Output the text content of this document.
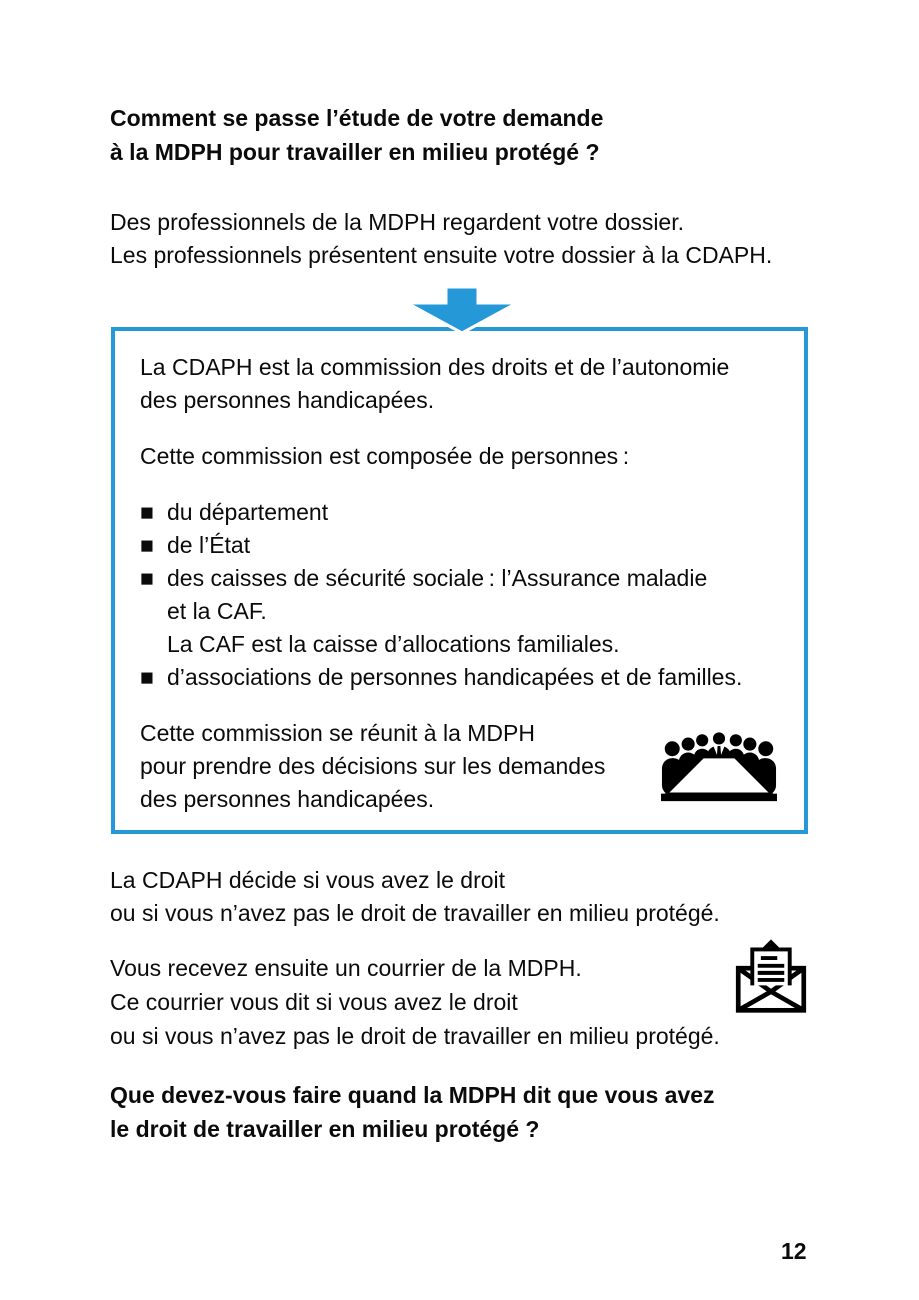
Comment se passe l’étude de votre demande
à la MDPH pour travailler en milieu protégé ?
Des professionnels de la MDPH regardent votre dossier.
Les professionnels présentent ensuite votre dossier à la CDAPH.

La CDAPH est la commission des droits et de l’autonomie
des personnes handicapées.

Cette commission est composée de personnes :

■ du département
■ de l’État
■ des caisses de sécurité sociale : l’Assurance maladie
et la CAF.
La CAF est la caisse d’allocations familiales.
■ d’associations de personnes handicapées et de familles.

Cette commission se réunit à la MDPH
pour prendre des décisions sur les demandes
des personnes handicapées.

La CDAPH décide si vous avez le droit
ou si vous n’avez pas le droit de travailler en milieu protégé.
Vous recevez ensuite un courrier de la MDPH.
Ce courrier vous dit si vous avez le droit
ou si vous n’avez pas le droit de travailler en milieu protégé.
Que devez-vous faire quand la MDPH dit que vous avez
le droit de travailler en milieu protégé ?
12
